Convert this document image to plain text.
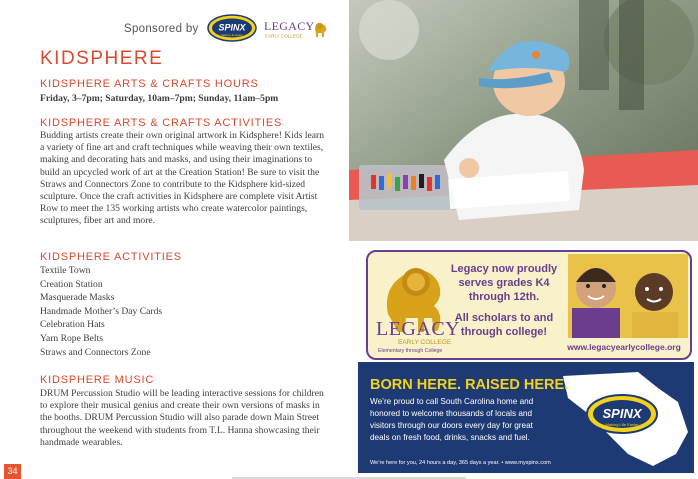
Sponsored by SPINX
Making Life Easier
LEGACY
EARLY COLLEGE
KIDSPHERE
KIDSPHERE ARTS & CRAFTS HOURS
Friday, 3–7pm; Saturday, 10am–7pm; Sunday, 11am–5pm
KIDSPHERE ARTS & CRAFTS ACTIVITIES
Budding artists create their own original artwork in Kidsphere! Kids learn a variety of fine art and craft techniques while weaving their own textiles, making and decorating hats and masks, and using their imaginations to build an upcycled work of art at the Creation Station! Be sure to visit the Straws and Connectors Zone to contribute to the Kidsphere kid-sized sculpture. Once the craft activities in Kidsphere are complete visit Artist Row to meet the 135 working artists who create watercolor paintings, sculptures, fiber art and more.
KIDSPHERE ACTIVITIES
Textile Town
Creation Station
Masquerade Masks
Handmade Mother’s Day Cards
Celebration Hats
Yarn Rope Belts
Straws and Connectors Zone
KIDSPHERE MUSIC
DRUM Percussion Studio will be leading interactive sessions for children to explore their musical genius and create their own versions of masks in the booths. DRUM Percussion Studio will also parade down Main Street throughout the weekend with students from T.L. Hanna showcasing their handmade wearables.
34
LEGACY
EARLY COLLEGE
Elementary through College
Legacy now proudly
serves grades K4
through 12th.
All scholars to and
through college!
www.legacyearlycollege.org
SPINX
Making Life Easier
BORN HERE. RAISED HERE.
We’re proud to call South Carolina home and
honored to welcome thousands of locals and
visitors through our doors every day for great
deals on fresh food, drinks, snacks and fuel.
We’re here for you, 24 hours a day, 365 days a year. • www.myspinx.com
